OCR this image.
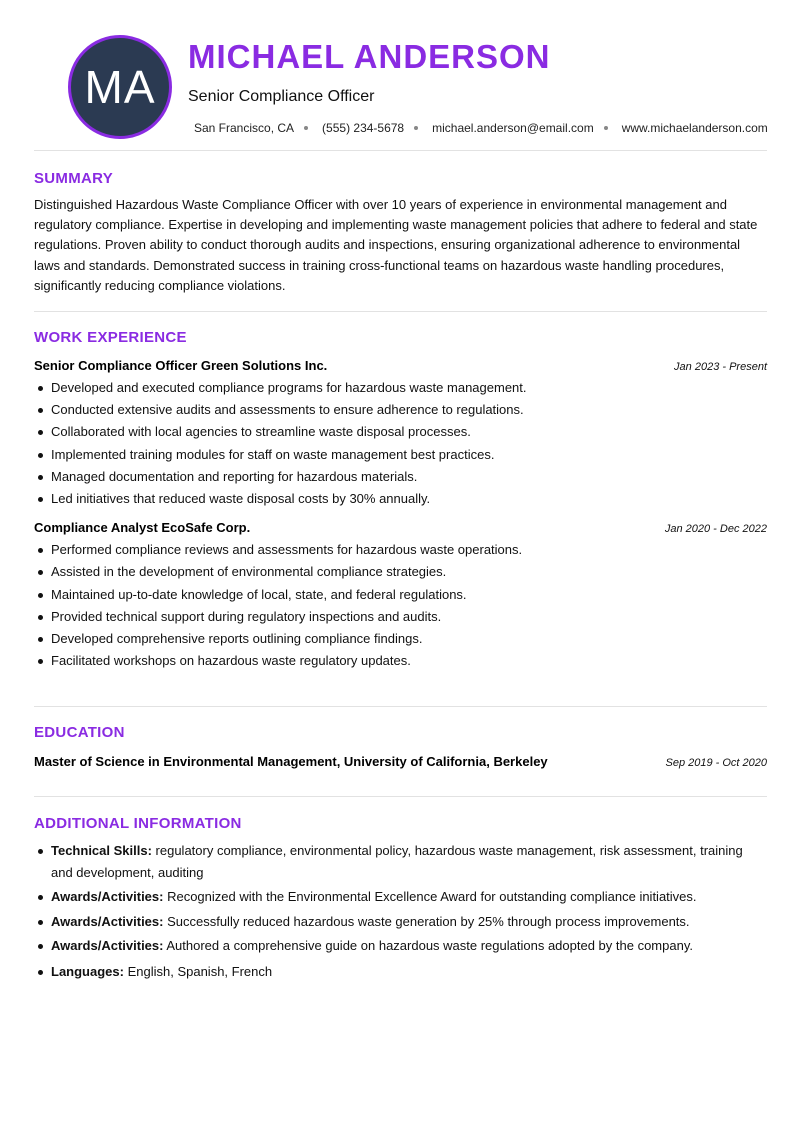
MA
MICHAEL ANDERSON
Senior Compliance Officer
San Francisco, CA (555) 234-5678 michael.anderson@email.com www.michaelanderson.com
SUMMARY
Distinguished Hazardous Waste Compliance Officer with over 10 years of experience in environmental management and regulatory compliance. Expertise in developing and implementing waste management policies that adhere to federal and state regulations. Proven ability to conduct thorough audits and inspections, ensuring organizational adherence to environmental laws and standards. Demonstrated success in training cross-functional teams on hazardous waste handling procedures, significantly reducing compliance violations.
WORK EXPERIENCE
Senior Compliance Officer Green Solutions Inc.	Jan 2023 - Present
Developed and executed compliance programs for hazardous waste management.
Conducted extensive audits and assessments to ensure adherence to regulations.
Collaborated with local agencies to streamline waste disposal processes.
Implemented training modules for staff on waste management best practices.
Managed documentation and reporting for hazardous materials.
Led initiatives that reduced waste disposal costs by 30% annually.
Compliance Analyst EcoSafe Corp.	Jan 2020 - Dec 2022
Performed compliance reviews and assessments for hazardous waste operations.
Assisted in the development of environmental compliance strategies.
Maintained up-to-date knowledge of local, state, and federal regulations.
Provided technical support during regulatory inspections and audits.
Developed comprehensive reports outlining compliance findings.
Facilitated workshops on hazardous waste regulatory updates.
EDUCATION
Master of Science in Environmental Management, University of California, Berkeley	Sep 2019 - Oct 2020
ADDITIONAL INFORMATION
Technical Skills: regulatory compliance, environmental policy, hazardous waste management, risk assessment, training and development, auditing
Awards/Activities: Recognized with the Environmental Excellence Award for outstanding compliance initiatives.
Awards/Activities: Successfully reduced hazardous waste generation by 25% through process improvements.
Awards/Activities: Authored a comprehensive guide on hazardous waste regulations adopted by the company.
Languages: English, Spanish, French
